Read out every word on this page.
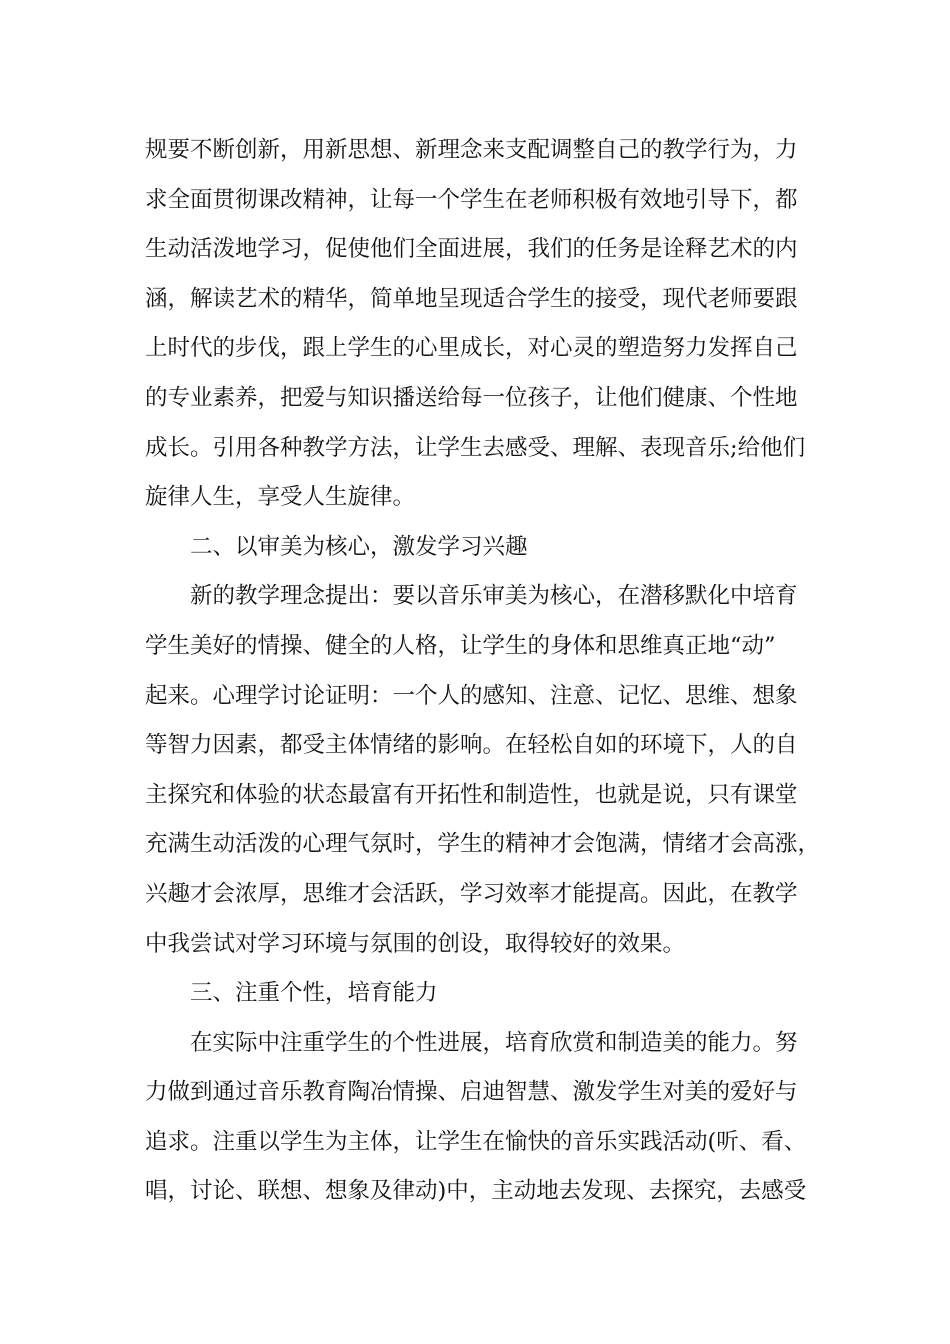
规要不断创新，用新思想、新理念来支配调整自己的教学行为，力
求全面贯彻课改精神，让每一个学生在老师积极有效地引导下，都
生动活泼地学习，促使他们全面进展，我们的任务是诠释艺术的内
涵，解读艺术的精华，简单地呈现适合学生的接受，现代老师要跟
上时代的步伐，跟上学生的心里成长，对心灵的塑造努力发挥自己
的专业素养，把爱与知识播送给每一位孩子，让他们健康、个性地
成长。引用各种教学方法，让学生去感受、理解、表现音乐;给他们
旋律人生，享受人生旋律。
二、以审美为核心，激发学习兴趣
新的教学理念提出：要以音乐审美为核心，在潜移默化中培育
学生美好的情操、健全的人格，让学生的身体和思维真正地“动”
起来。心理学讨论证明：一个人的感知、注意、记忆、思维、想象
等智力因素，都受主体情绪的影响。在轻松自如的环境下，人的自
主探究和体验的状态最富有开拓性和制造性，也就是说，只有课堂
充满生动活泼的心理气氛时，学生的精神才会饱满，情绪才会高涨，
兴趣才会浓厚，思维才会活跃，学习效率才能提高。因此，在教学
中我尝试对学习环境与氛围的创设，取得较好的效果。
三、注重个性，培育能力
在实际中注重学生的个性进展，培育欣赏和制造美的能力。努
力做到通过音乐教育陶冶情操、启迪智慧、激发学生对美的爱好与
追求。注重以学生为主体，让学生在愉快的音乐实践活动(听、看、
唱，讨论、联想、想象及律动)中，主动地去发现、去探究，去感受
